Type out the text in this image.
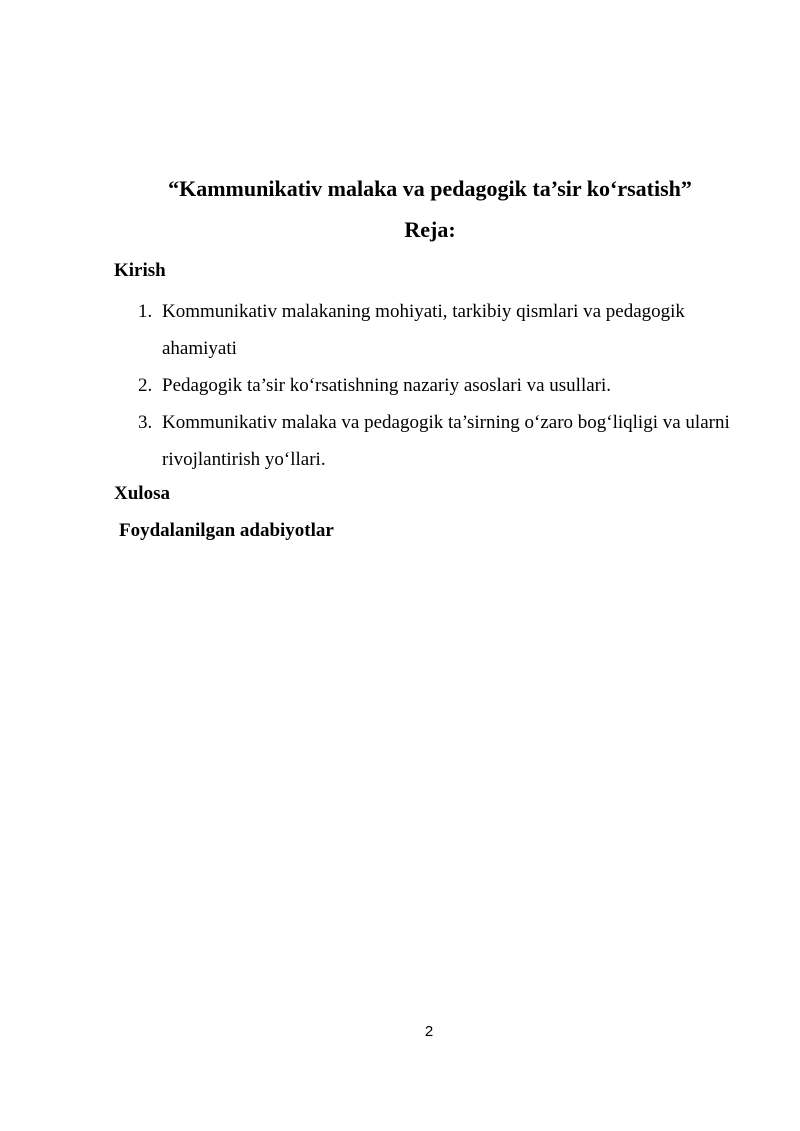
“Kammunikativ malaka va pedagogik ta’sir ko‘rsatish”
Reja:
Kirish
1. Kommunikativ malakaning mohiyati, tarkibiy qismlari va pedagogik ahamiyati
2. Pedagogik ta’sir ko‘rsatishning nazariy asoslari va usullari.
3. Kommunikativ malaka va pedagogik ta’sirning o‘zaro bog‘liqligi va ularni rivojlantirish yo‘llari.
Xulosa
Foydalanilgan adabiyotlar
2
